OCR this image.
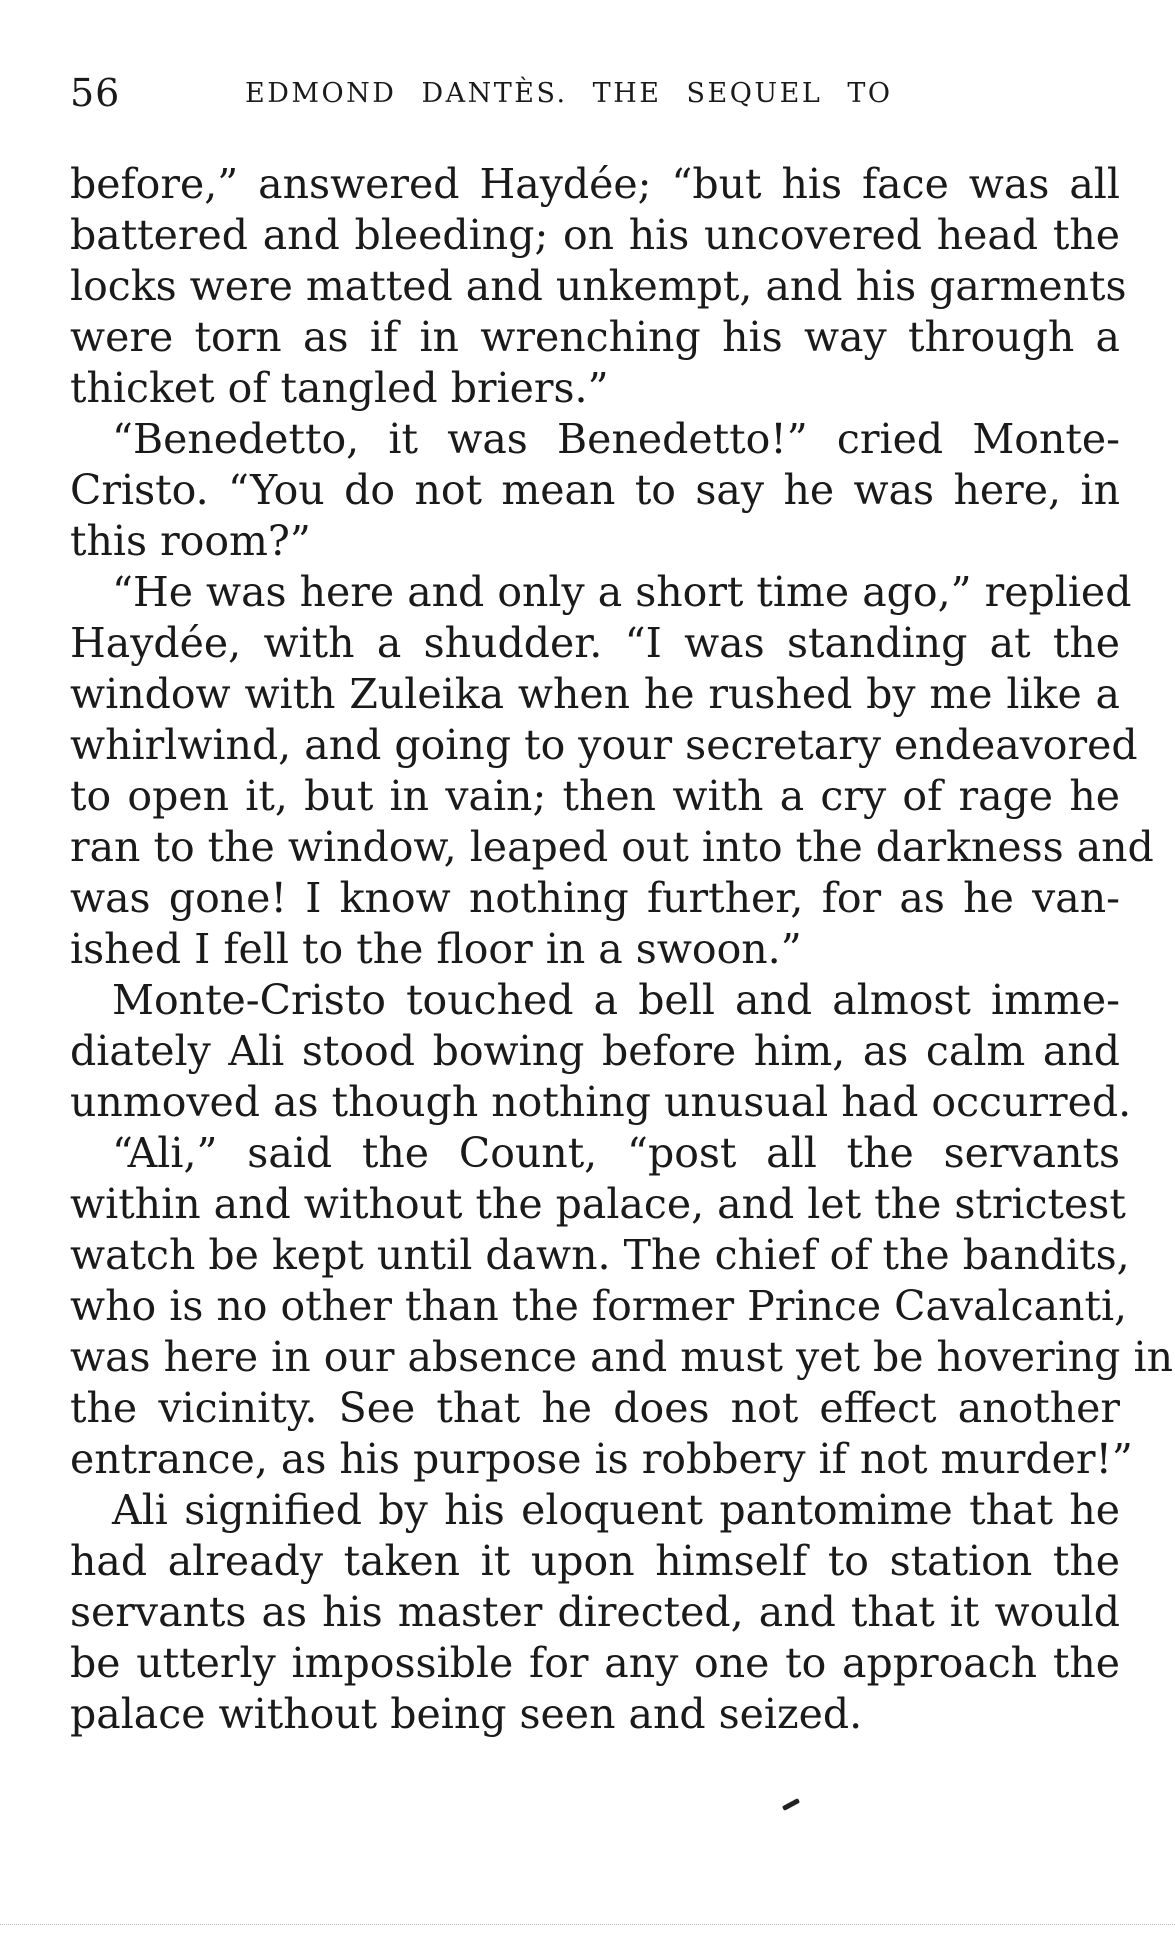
56	EDMOND DANTÈS. THE SEQUEL TO
before,” answered Haydée; “but his face was all
battered and bleeding; on his uncovered head the
locks were matted and unkempt, and his garments
were torn as if in wrenching his way through a
thicket of tangled briers.”
“Benedetto, it was Benedetto!” cried Monte-
Cristo. “You do not mean to say he was here, in
this room?”
“He was here and only a short time ago,” replied
Haydée, with a shudder. “I was standing at the
window with Zuleika when he rushed by me like a
whirlwind, and going to your secretary endeavored
to open it, but in vain; then with a cry of rage he
ran to the window, leaped out into the darkness and
was gone! I know nothing further, for as he van-
ished I fell to the floor in a swoon.”
Monte-Cristo touched a bell and almost imme-
diately Ali stood bowing before him, as calm and
unmoved as though nothing unusual had occurred.
“Ali,” said the Count, “post all the servants
within and without the palace, and let the strictest
watch be kept until dawn. The chief of the bandits,
who is no other than the former Prince Cavalcanti,
was here in our absence and must yet be hovering in
the vicinity. See that he does not effect another
entrance, as his purpose is robbery if not murder!”
Ali signified by his eloquent pantomime that he
had already taken it upon himself to station the
servants as his master directed, and that it would
be utterly impossible for any one to approach the
palace without being seen and seized.
